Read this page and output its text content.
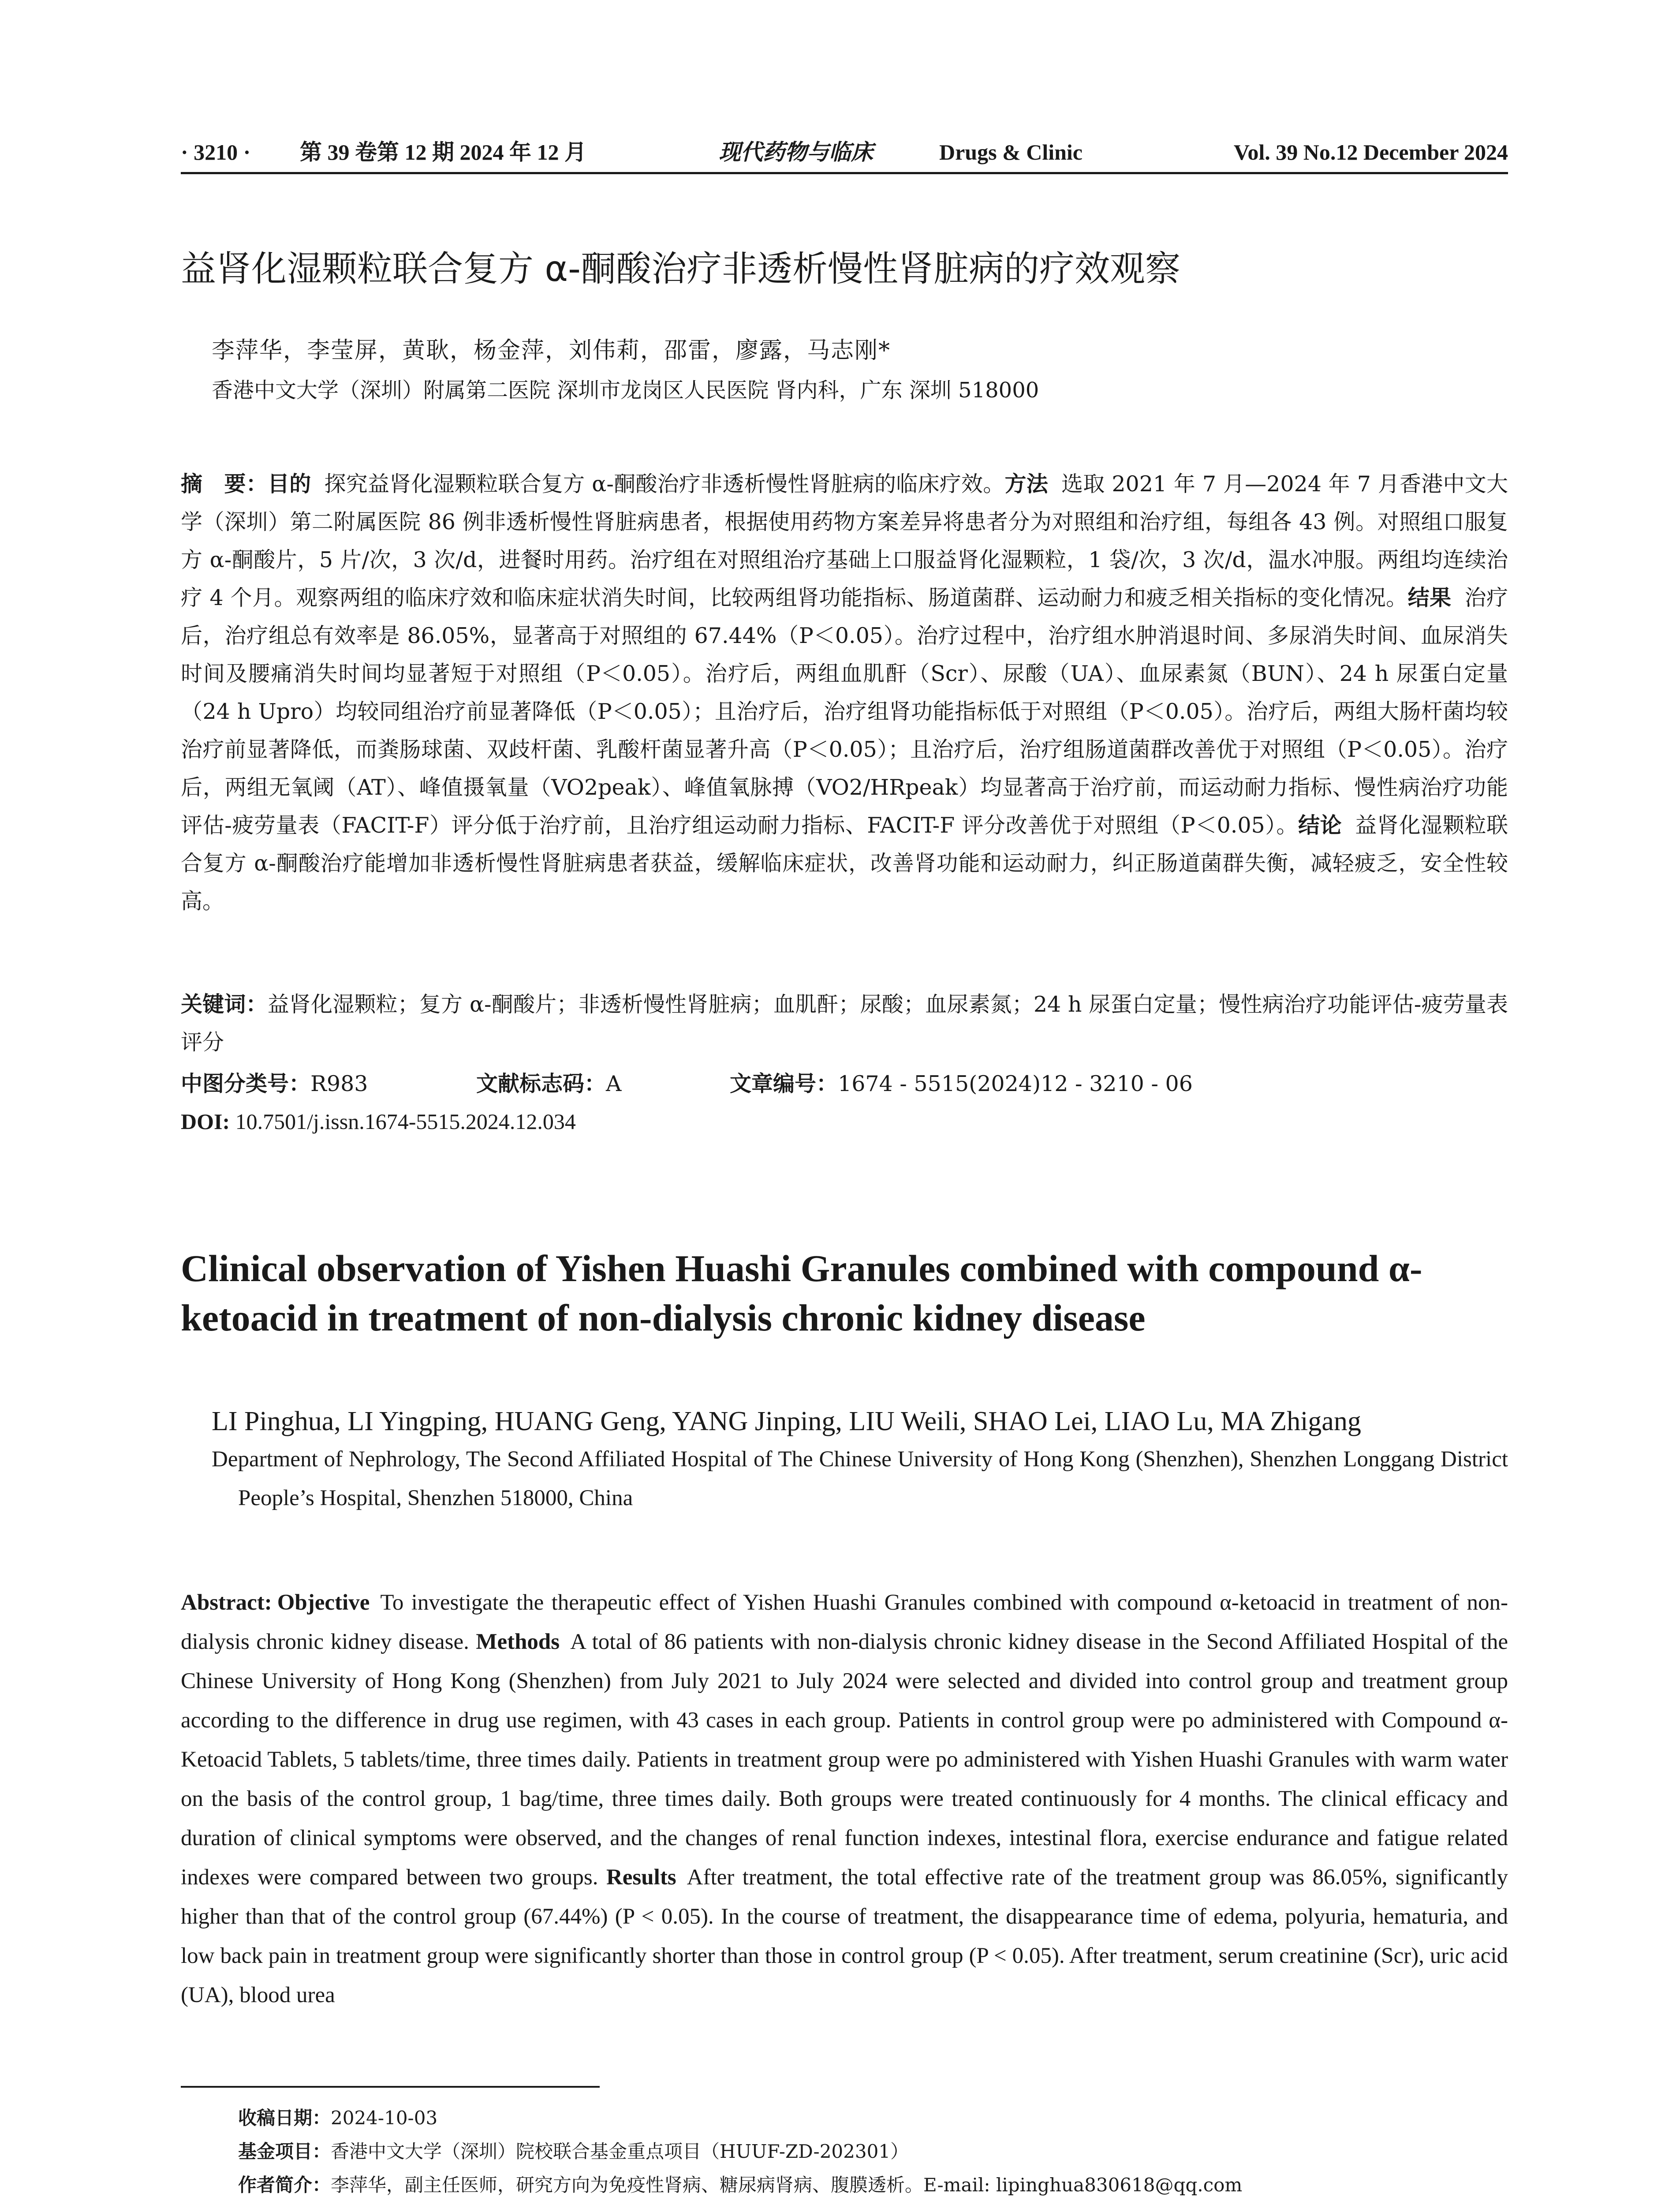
· 3210 · 第 39 卷第 12 期 2024 年 12 月	现代药物与临床	Drugs & Clinic	Vol. 39 No.12 December 2024
益肾化湿颗粒联合复方 α-酮酸治疗非透析慢性肾脏病的疗效观察
李萍华，李莹屏，黄耿，杨金萍，刘伟莉，邵雷，廖露，马志刚*
香港中文大学（深圳）附属第二医院 深圳市龙岗区人民医院 肾内科，广东 深圳 518000
摘　要：目的 探究益肾化湿颗粒联合复方 α-酮酸治疗非透析慢性肾脏病的临床疗效。方法 选取 2021 年 7 月—2024 年 7 月香港中文大学（深圳）第二附属医院 86 例非透析慢性肾脏病患者，根据使用药物方案差异将患者分为对照组和治疗组，每组各 43 例。对照组口服复方 α-酮酸片，5 片/次，3 次/d，进餐时用药。治疗组在对照组治疗基础上口服益肾化湿颗粒，1 袋/次，3 次/d，温水冲服。两组均连续治疗 4 个月。观察两组的临床疗效和临床症状消失时间，比较两组肾功能指标、肠道菌群、运动耐力和疲乏相关指标的变化情况。结果 治疗后，治疗组总有效率是 86.05%，显著高于对照组的 67.44%（P＜0.05）。治疗过程中，治疗组水肿消退时间、多尿消失时间、血尿消失时间及腰痛消失时间均显著短于对照组（P＜0.05）。治疗后，两组血肌酐（Scr）、尿酸（UA）、血尿素氮（BUN）、24 h 尿蛋白定量（24 h Upro）均较同组治疗前显著降低（P＜0.05）；且治疗后，治疗组肾功能指标低于对照组（P＜0.05）。治疗后，两组大肠杆菌均较治疗前显著降低，而粪肠球菌、双歧杆菌、乳酸杆菌显著升高（P＜0.05）；且治疗后，治疗组肠道菌群改善优于对照组（P＜0.05）。治疗后，两组无氧阈（AT）、峰值摄氧量（VO2peak）、峰值氧脉搏（VO2/HRpeak）均显著高于治疗前，而运动耐力指标、慢性病治疗功能评估-疲劳量表（FACIT-F）评分低于治疗前，且治疗组运动耐力指标、FACIT-F 评分改善优于对照组（P＜0.05）。结论 益肾化湿颗粒联合复方 α-酮酸治疗能增加非透析慢性肾脏病患者获益，缓解临床症状，改善肾功能和运动耐力，纠正肠道菌群失衡，减轻疲乏，安全性较高。
关键词：益肾化湿颗粒；复方 α-酮酸片；非透析慢性肾脏病；血肌酐；尿酸；血尿素氮；24 h 尿蛋白定量；慢性病治疗功能评估-疲劳量表评分
中图分类号：R983	文献标志码：A	文章编号：1674 - 5515(2024)12 - 3210 - 06
DOI: 10.7501/j.issn.1674-5515.2024.12.034
Clinical observation of Yishen Huashi Granules combined with compound α-ketoacid in treatment of non-dialysis chronic kidney disease
LI Pinghua, LI Yingping, HUANG Geng, YANG Jinping, LIU Weili, SHAO Lei, LIAO Lu, MA Zhigang
Department of Nephrology, The Second Affiliated Hospital of The Chinese University of Hong Kong (Shenzhen), Shenzhen Longgang District People’s Hospital, Shenzhen 518000, China
Abstract: Objective To investigate the therapeutic effect of Yishen Huashi Granules combined with compound α-ketoacid in treatment of non-dialysis chronic kidney disease. Methods A total of 86 patients with non-dialysis chronic kidney disease in the Second Affiliated Hospital of the Chinese University of Hong Kong (Shenzhen) from July 2021 to July 2024 were selected and divided into control group and treatment group according to the difference in drug use regimen, with 43 cases in each group. Patients in control group were po administered with Compound α-Ketoacid Tablets, 5 tablets/time, three times daily. Patients in treatment group were po administered with Yishen Huashi Granules with warm water on the basis of the control group, 1 bag/time, three times daily. Both groups were treated continuously for 4 months. The clinical efficacy and duration of clinical symptoms were observed, and the changes of renal function indexes, intestinal flora, exercise endurance and fatigue related indexes were compared between two groups. Results After treatment, the total effective rate of the treatment group was 86.05%, significantly higher than that of the control group (67.44%) (P < 0.05). In the course of treatment, the disappearance time of edema, polyuria, hematuria, and low back pain in treatment group were significantly shorter than those in control group (P < 0.05). After treatment, serum creatinine (Scr), uric acid (UA), blood urea
收稿日期：2024-10-03
基金项目：香港中文大学（深圳）院校联合基金重点项目（HUUF-ZD-202301）
作者简介：李萍华，副主任医师，研究方向为免疫性肾病、糖尿病肾病、腹膜透析。E-mail: lipinghua830618@qq.com
